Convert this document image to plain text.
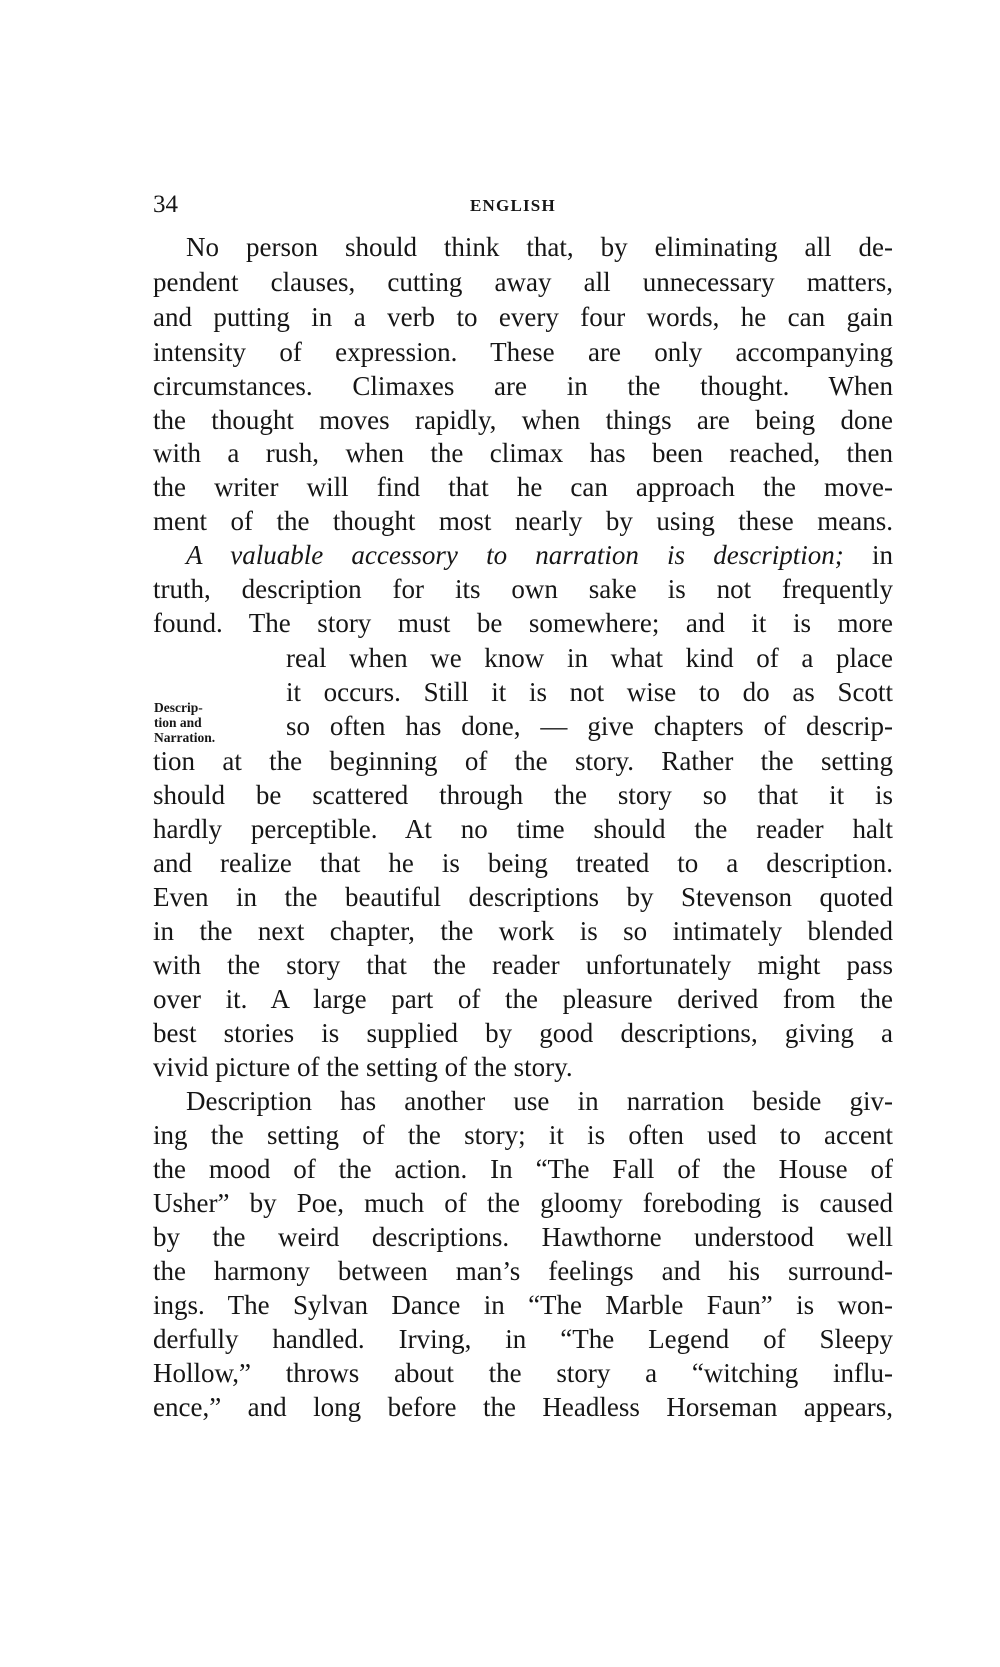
34	ENGLISH
Descrip-
tion and
Narration.
No person should think that, by eliminating all de-
pendent clauses, cutting away all unnecessary matters,
and putting in a verb to every four words, he can gain
intensity of expression. These are only accompanying
circumstances. Climaxes are in the thought. When
the thought moves rapidly, when things are being done
with a rush, when the climax has been reached, then
the writer will find that he can approach the move-
ment of the thought most nearly by using these means.
A valuable accessory to narration is description; in
truth, description for its own sake is not frequently
found. The story must be somewhere; and it is more
real when we know in what kind of a place
it occurs. Still it is not wise to do as Scott
so often has done, — give chapters of descrip-
tion at the beginning of the story. Rather the setting
should be scattered through the story so that it is
hardly perceptible. At no time should the reader halt
and realize that he is being treated to a description.
Even in the beautiful descriptions by Stevenson quoted
in the next chapter, the work is so intimately blended
with the story that the reader unfortunately might pass
over it. A large part of the pleasure derived from the
best stories is supplied by good descriptions, giving a
vivid picture of the setting of the story.
Description has another use in narration beside giv-
ing the setting of the story; it is often used to accent
the mood of the action. In “The Fall of the House of
Usher” by Poe, much of the gloomy foreboding is caused
by the weird descriptions. Hawthorne understood well
the harmony between man’s feelings and his surround-
ings. The Sylvan Dance in “The Marble Faun” is won-
derfully handled. Irving, in “The Legend of Sleepy
Hollow,” throws about the story a “witching influ-
ence,” and long before the Headless Horseman appears,
